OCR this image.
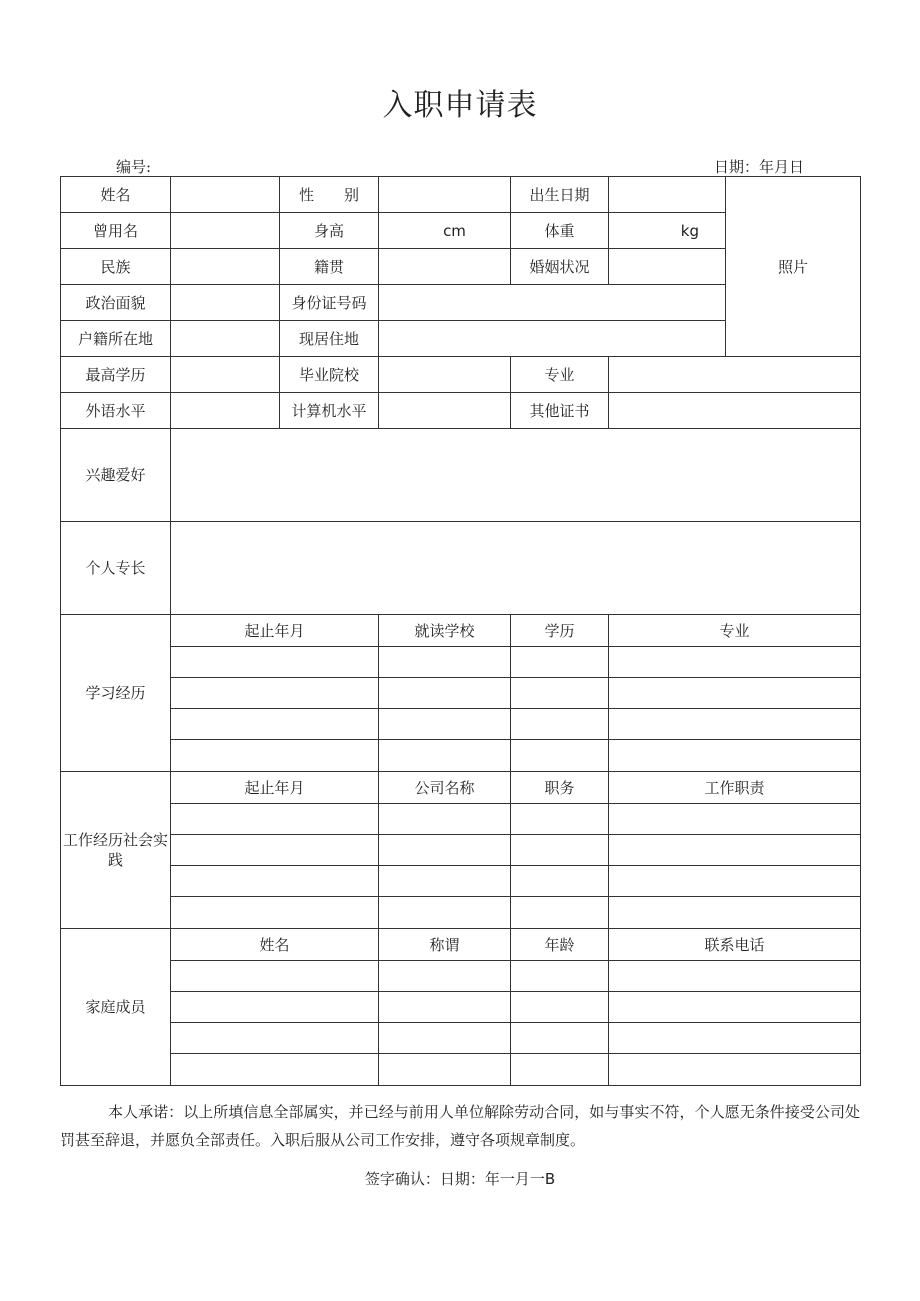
入职申请表
编号:	日期：年月日
姓名		性　　别		出生日期		照片
曾用名		身高	cm	体重	kg	
民族		籍贯		婚姻状况		
政治面貌		身份证号码				
户籍所在地		现居住地				
最高学历		毕业院校		专业		
外语水平		计算机水平		其他证书		
兴趣爱好						
个人专长						
学习经历	起止年月		就读学校	学历	专业	

工作经历社会实践	起止年月		公司名称	职务	工作职责	

家庭成员	姓名		称谓	年龄	联系电话	

本人承诺：以上所填信息全部属实，并已经与前用人单位解除劳动合同，如与事实不符，个人愿无条件接受公司处罚甚至辞退，并愿负全部责任。入职后服从公司工作安排，遵守各项规章制度。

签字确认：日期：年一月一B
